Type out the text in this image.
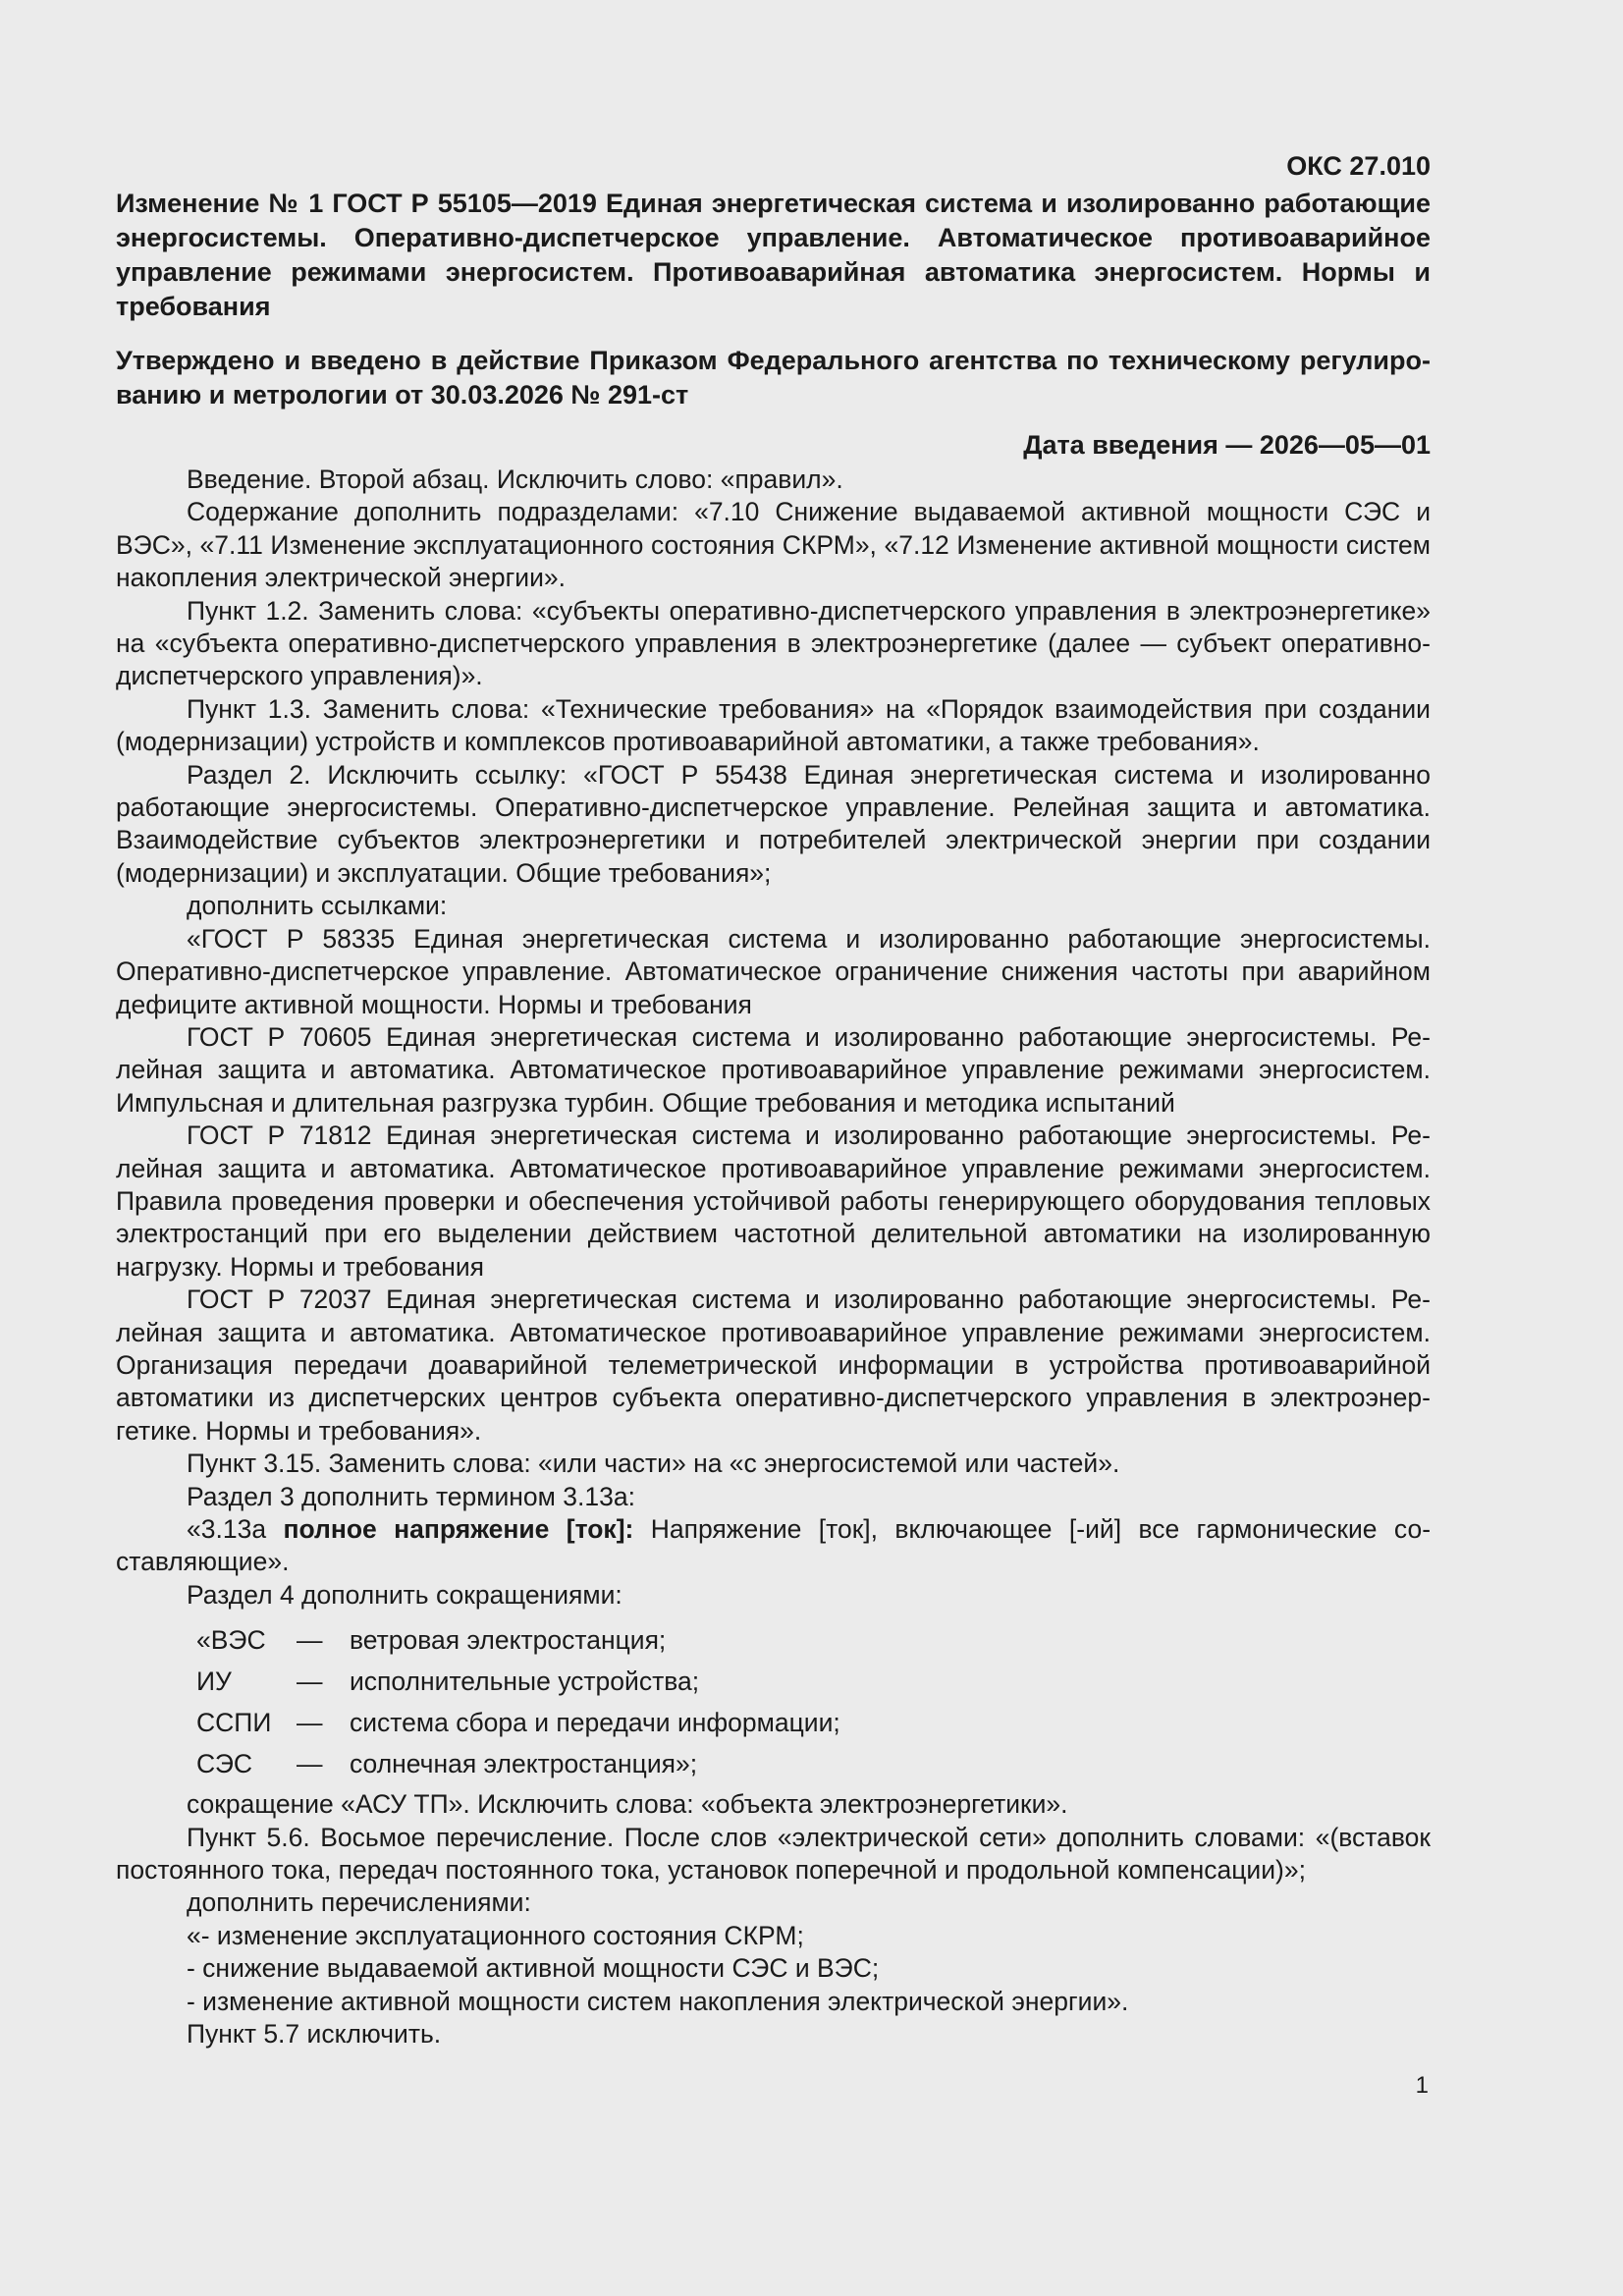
ОКС 27.010
Изменение № 1 ГОСТ Р 55105—2019 Единая энергетическая система и изолированно работающие энергосистемы. Оперативно-диспетчерское управление. Автоматическое противоаварийное управление режимами энергосистем. Противоаварийная автоматика энергосистем. Нормы и требования
Утверждено и введено в действие Приказом Федерального агентства по техническому регулированию и метрологии от 30.03.2026 № 291-ст
Дата введения — 2026—05—01

Введение. Второй абзац. Исключить слово: «правил».

Содержание дополнить подразделами: «7.10 Снижение выдаваемой активной мощности СЭС и ВЭС», «7.11 Изменение эксплуатационного состояния СКРМ», «7.12 Изменение активной мощности систем накопления электрической энергии».

Пункт 1.2. Заменить слова: «субъекты оперативно-диспетчерского управления в электроэнергетике» на «субъекта оперативно-диспетчерского управления в электроэнергетике (далее — субъект оперативно-диспетчерского управления)».

Пункт 1.3. Заменить слова: «Технические требования» на «Порядок взаимодействия при создании (модернизации) устройств и комплексов противоаварийной автоматики, а также требования».

Раздел 2. Исключить ссылку: «ГОСТ Р 55438 Единая энергетическая система и изолированно работающие энергосистемы. Оперативно-диспетчерское управление. Релейная защита и автоматика. Взаимодействие субъектов электроэнергетики и потребителей электрической энергии при создании (модернизации) и эксплуатации. Общие требования»;

дополнить ссылками:

«ГОСТ Р 58335 Единая энергетическая система и изолированно работающие энергосистемы. Оперативно-диспетчерское управление. Автоматическое ограничение снижения частоты при аварийном дефиците активной мощности. Нормы и требования

ГОСТ Р 70605 Единая энергетическая система и изолированно работающие энергосистемы. Релейная защита и автоматика. Автоматическое противоаварийное управление режимами энергосистем. Импульсная и длительная разгрузка турбин. Общие требования и методика испытаний

ГОСТ Р 71812 Единая энергетическая система и изолированно работающие энергосистемы. Релейная защита и автоматика. Автоматическое противоаварийное управление режимами энергосистем. Правила проведения проверки и обеспечения устойчивой работы генерирующего оборудования тепловых электростанций при его выделении действием частотной делительной автоматики на изолированную нагрузку. Нормы и требования

ГОСТ Р 72037 Единая энергетическая система и изолированно работающие энергосистемы. Релейная защита и автоматика. Автоматическое противоаварийное управление режимами энергосистем. Организация передачи доаварийной телеметрической информации в устройства противоаварийной автоматики из диспетчерских центров субъекта оперативно-диспетчерского управления в электроэнергетике. Нормы и требования».

Пункт 3.15. Заменить слова: «или части» на «с энергосистемой или частей».

Раздел 3 дополнить термином 3.13а:

«3.13а полное напряжение [ток]: Напряжение [ток], включающее [-ий] все гармонические составляющие».

Раздел 4 дополнить сокращениями:

«ВЭС	—	ветровая электростанция;
ИУ	—	исполнительные устройства;
ССПИ	—	система сбора и передачи информации;
СЭС	—	солнечная электростанция»;

сокращение «АСУ ТП». Исключить слова: «объекта электроэнергетики».

Пункт 5.6. Восьмое перечисление. После слов «электрической сети» дополнить словами: «(вставок постоянного тока, передач постоянного тока, установок поперечной и продольной компенсации)»;

дополнить перечислениями:

«- изменение эксплуатационного состояния СКРМ;

- снижение выдаваемой активной мощности СЭС и ВЭС;

- изменение активной мощности систем накопления электрической энергии».

Пункт 5.7 исключить.

1
